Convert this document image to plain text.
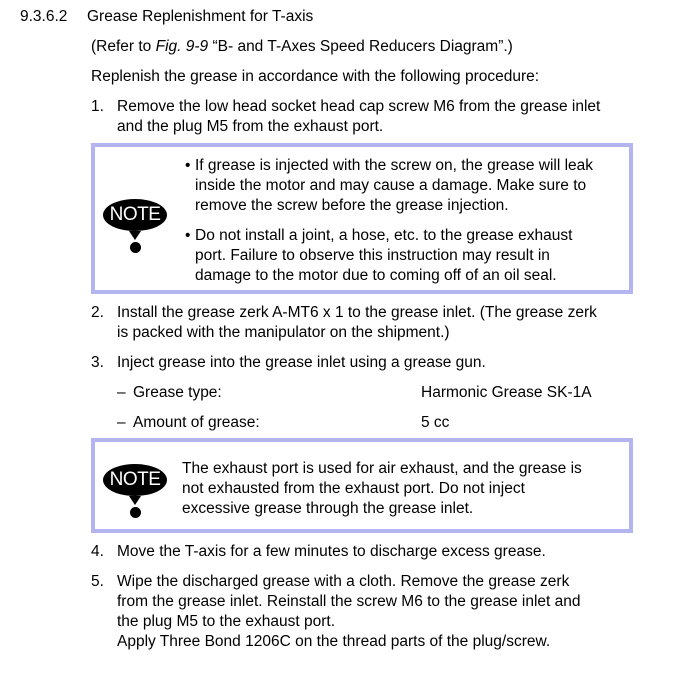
9.3.6.2 Grease Replenishment for T-axis
(Refer to Fig. 9-9 “B- and T-Axes Speed Reducers Diagram”.)
Replenish the grease in accordance with the following procedure:
1. Remove the low head socket head cap screw M6 from the grease inlet
and the plug M5 from the exhaust port.
NOTE
• If grease is injected with the screw on, the grease will leak
inside the motor and may cause a damage. Make sure to
remove the screw before the grease injection.
• Do not install a joint, a hose, etc. to the grease exhaust
port. Failure to observe this instruction may result in
damage to the motor due to coming off of an oil seal.
2. Install the grease zerk A-MT6 x 1 to the grease inlet. (The grease zerk
is packed with the manipulator on the shipment.)
3. Inject grease into the grease inlet using a grease gun.
– Grease type:	Harmonic Grease SK-1A
– Amount of grease:	5 cc
NOTE
The exhaust port is used for air exhaust, and the grease is
not exhausted from the exhaust port. Do not inject
excessive grease through the grease inlet.
4. Move the T-axis for a few minutes to discharge excess grease.
5. Wipe the discharged grease with a cloth. Remove the grease zerk
from the grease inlet. Reinstall the screw M6 to the grease inlet and
the plug M5 to the exhaust port.
Apply Three Bond 1206C on the thread parts of the plug/screw.
